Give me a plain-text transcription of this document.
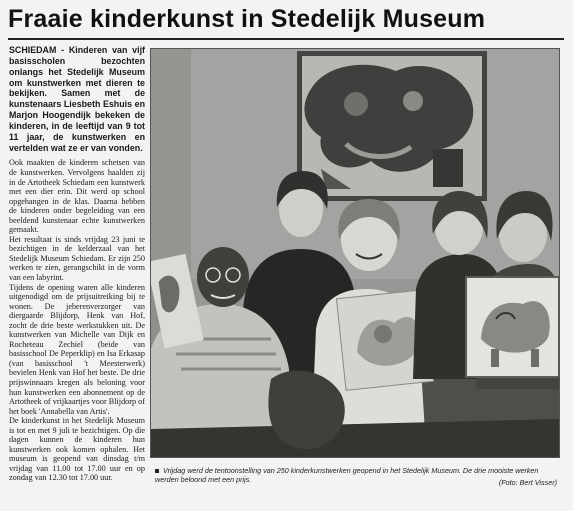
Fraaie kinderkunst in Stedelijk Museum

SCHIEDAM - Kinderen van vijf basisscholen bezochten onlangs het Stedelijk Museum om kunstwerken met dieren te bekijken. Samen met de kunstenaars Liesbeth Eshuis en Marjon Hoogendijk bekeken de kinderen, in de leeftijd van 9 tot 11 jaar, de kunstwerken en vertelden wat ze er van vonden.

Ook maakten de kinderen schetsen van de kunstwerken. Vervolgens haalden zij in de Artotheek Schiedam een kunstwerk met een dier erin. Dit werd op school opgehangen in de klas. Daarna hebben de kinderen onder begeleiding van een beeldend kunstenaar echte kunstwerken gemaakt.

Het resultaat is sinds vrijdag 23 juni te bezichtigen in de kelderzaal van het Stedelijk Museum Schiedam. Er zijn 250 werken te zien, gerangschikt in de vorm van een labyrint.

Tijdens de opening waren alle kinderen uitgenodigd om de prijsuitreiking bij te wonen. De jeberenverzorger van diergaarde Blijdorp, Henk van Hof, zocht de drie beste werkstukken uit. De kunstwerken van Michelle van Dijk en Rocheteau Zechiel (beide van basisschool De Peperklip) en Isa Erkasap (van basisschool 't Meesterwerk) bevielen Henk van Hof het beste. De drie prijswinnaars kregen als beloning voor hun kunstwerken een abonnement op de Artotheek of vrijkaartjes voor Blijdorp of het boek 'Annabella van Artis'.

De kinderkunst in het Stedelijk Museum is tot en met 9 juli te bezichtigen. Op die dagen kunnen de kinderen hun kunstwerken ook komen ophalen. Het museum is geopend van dinsdag t/m vrijdag van 11.00 tot 17.00 uur en op zondag van 12.30 tot 17.00 uur.

Vrijdag werd de tentoonstelling van 250 kinderkunstwerken geopend in het Stedelijk Museum. De drie mooiste werken werden beloond met een prijs.	(Foto: Bert Visser)
